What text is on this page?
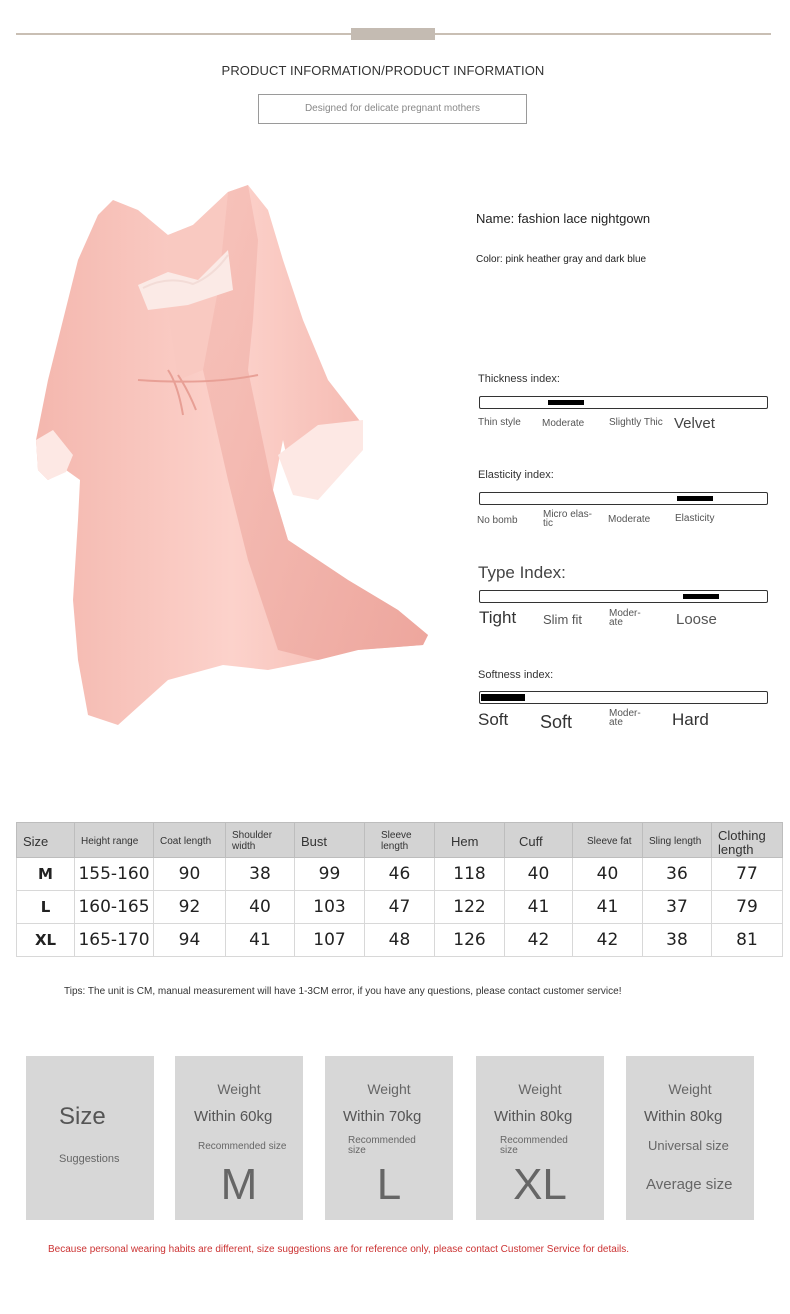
PRODUCT INFORMATION/PRODUCT INFORMATION
Designed for delicate pregnant mothers
Name: fashion lace nightgown
Color: pink heather gray and dark blue
Thickness index:
Thin style Moderate Slightly Thic Velvet
Elasticity index:
No bomb
Micro elas-tic	Moderate Elasticity
Type Index:
Tight Slim fit	Moder-ate	Loose
Softness index:
Soft Soft	Moder-ate	Hard
Size	Height range	Coat length	Shoulder width	Bust	Sleeve length	Hem	Cuff	Sleeve fat	Sling length	Clothing length
M	155-160	90	38	99	46	118	40	40	36	77
L	160-165	92	40	103	47	122	41	41	37	79
XL	165-170	94	41	107	48	126	42	42	38	81
Tips: The unit is CM, manual measurement will have 1-3CM error, if you have any questions, please contact customer service!
Size
Suggestions
Weight
Within 60kg
Recommended size
M
Weight
Within 70kg
Recommended size
L
Weight
Within 80kg
Recommended size
XL
Weight
Within 80kg
Universal size
Average size
Because personal wearing habits are different, size suggestions are for reference only, please contact Customer Service for details.
